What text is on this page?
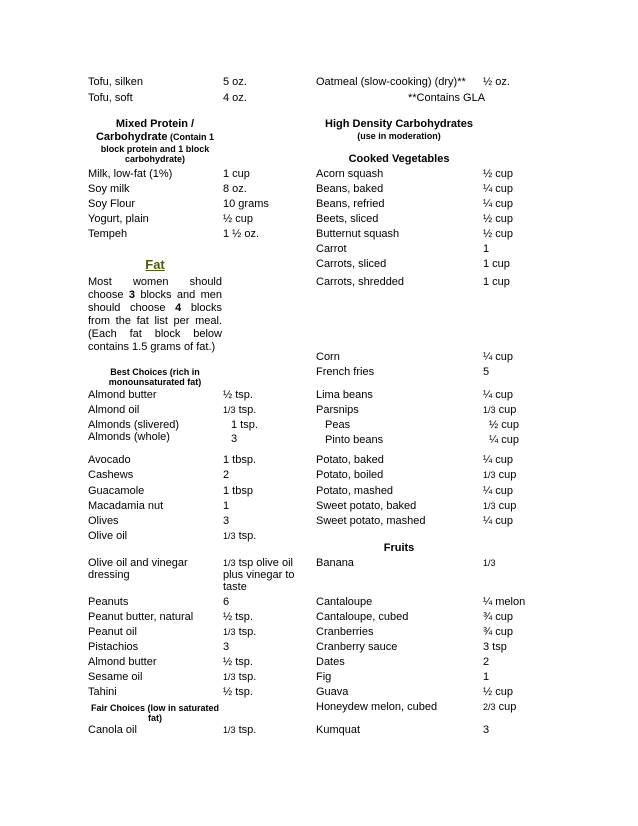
Tofu, silken	5 oz.
Tofu, soft	4 oz.
Mixed Protein /
Carbohydrate (Contain 1
block protein and 1 block
carbohydrate)
Milk, low-fat (1%)	1 cup
Soy milk	8 oz.
Soy Flour	10 grams
Yogurt, plain	½ cup
Tempeh	1 ½ oz.
Fat
Most women should choose 3 blocks and men should choose 4 blocks from the fat list per meal. (Each fat block below contains 1.5 grams of fat.)
Best Choices (rich in
monounsaturated fat)
Almond butter	½ tsp.
Almond oil	1/3 tsp.
Almonds (slivered)	1 tsp.
Almonds (whole)	3
Avocado	1 tbsp.
Cashews	2
Guacamole	1 tbsp
Macadamia nut	1
Olives	3
Olive oil	1/3 tsp.
Olive oil and vinegar
dressing
1/3 tsp olive oil
plus vinegar to
taste
Peanuts	6
Peanut butter, natural	½ tsp.
Peanut oil	1/3 tsp.
Pistachios	3
Almond butter	½ tsp.
Sesame oil	1/3 tsp.
Tahini	½ tsp.
Fair Choices (low in saturated
fat)
Canola oil	1/3 tsp.
Oatmeal (slow-cooking) (dry)** ½ oz.
**Contains GLA
High Density Carbohydrates
(use in moderation)
Cooked Vegetables
Acorn squash	½ cup
Beans, baked	¼ cup
Beans, refried	¼ cup
Beets, sliced	½ cup
Butternut squash	½ cup
Carrot	1
Carrots, sliced	1 cup
Carrots, shredded	1 cup
Corn	¼ cup
French fries	5
Lima beans	¼ cup
Parsnips	1/3 cup
Peas	½ cup
Pinto beans	¼ cup
Potato, baked	¼ cup
Potato, boiled	1/3 cup
Potato, mashed	¼ cup
Sweet potato, baked	1/3 cup
Sweet potato, mashed	¼ cup
Fruits
Banana	1/3
Cantaloupe	¼ melon
Cantaloupe, cubed	¾ cup
Cranberries	¾ cup
Cranberry sauce	3 tsp
Dates	2
Fig	1
Guava	½ cup
Honeydew melon, cubed	2/3 cup
Kumquat	3
